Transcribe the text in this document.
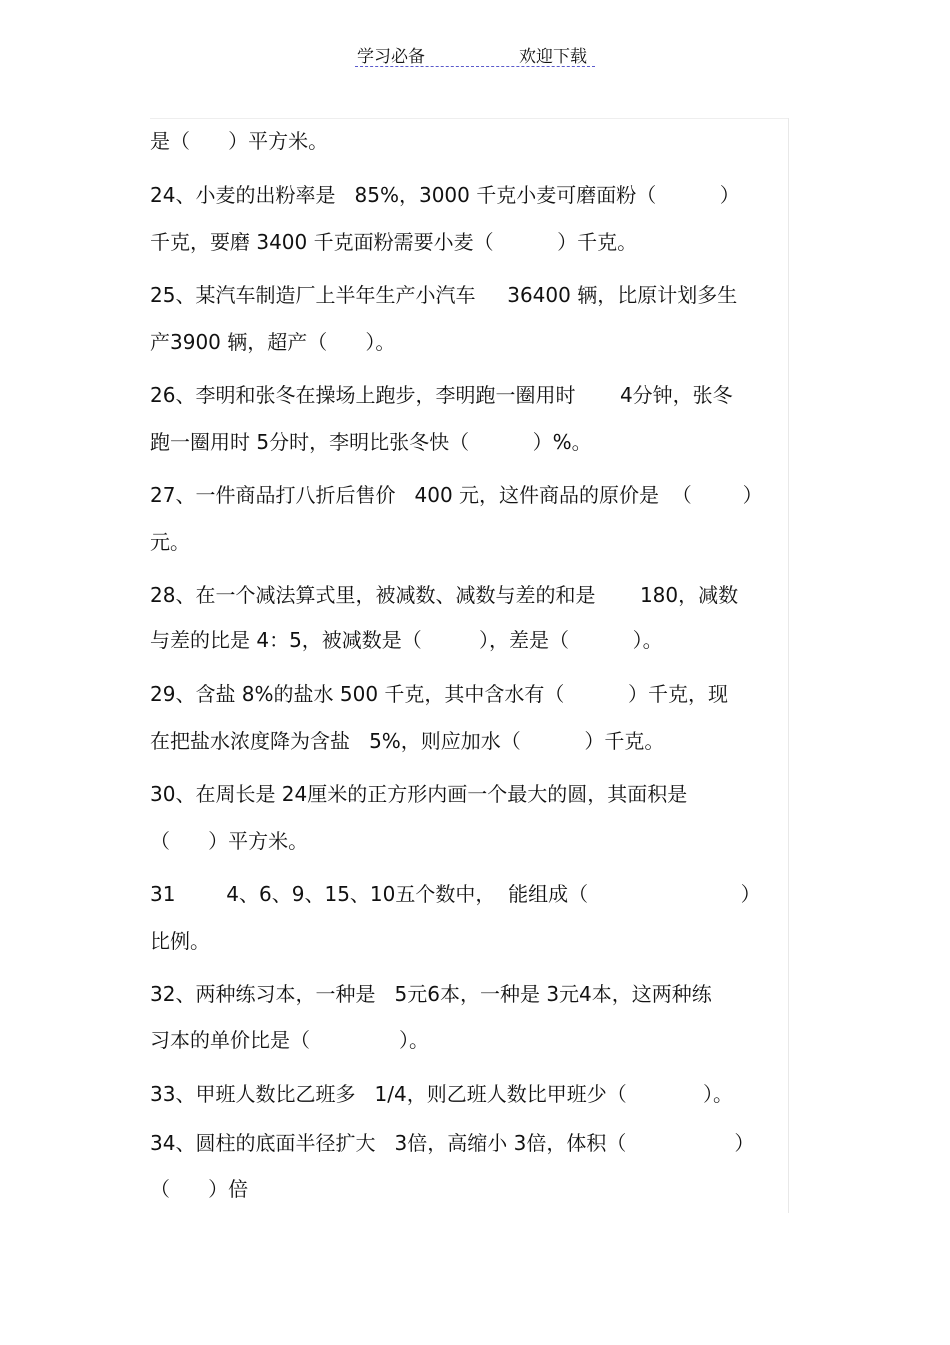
学习必备	欢迎下载
是（      ）平方米。
24、小麦的出粉率是   85%，3000 千克小麦可磨面粉（          ）
千克，要磨 3400 千克面粉需要小麦（          ）千克。
25、某汽车制造厂上半年生产小汽车     36400 辆，比原计划多生
产3900 辆，超产（      ）。
26、李明和张冬在操场上跑步，李明跑一圈用时       4分钟，张冬
跑一圈用时 5分时，李明比张冬快（          ）%。
27、一件商品打八折后售价   400 元，这件商品的原价是  （        ）
元。
28、在一个减法算式里，被减数、减数与差的和是       180，减数
与差的比是 4：5，被减数是（         ），差是（          ）。
29、含盐 8%的盐水 500 千克，其中含水有（          ）千克，现
在把盐水浓度降为含盐   5%，则应加水（          ）千克。
30、在周长是 24厘米的正方形内画一个最大的圆，其面积是
（      ）平方米。
31        4、6、9、15、10五个数中，  能组成（                        ）
比例。
32、两种练习本，一种是   5元6本，一种是 3元4本，这两种练
习本的单价比是（              ）。
33、甲班人数比乙班多   1/4，则乙班人数比甲班少（            ）。
34、圆柱的底面半径扩大   3倍，高缩小 3倍，体积（                 ）
（      ）倍
